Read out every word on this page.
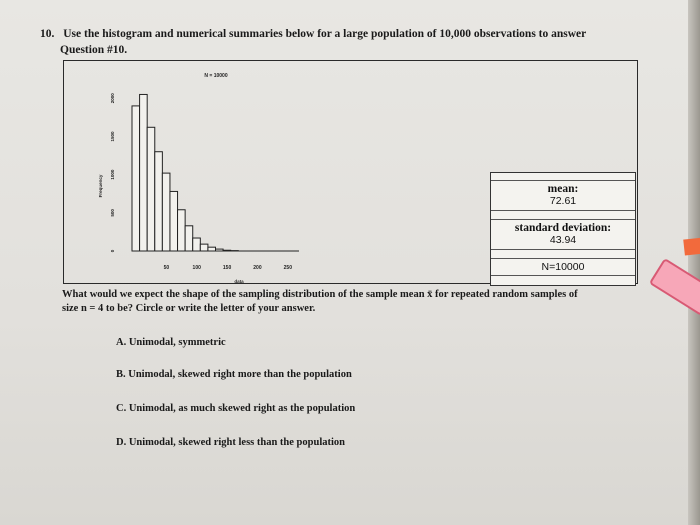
10. Use the histogram and numerical summaries below for a large population of 10,000 observations to answer
Question #10.
N = 10000
50	100	150	200	250
data
0
500
1000
1500
2000
Frequency	mean:
72.61
standard deviation:
43.94
N=10000
What would we expect the shape of the sampling distribution of the sample mean x̄ for repeated random samples of
size n = 4 to be? Circle or write the letter of your answer.
A. Unimodal, symmetric
B. Unimodal, skewed right more than the population
C. Unimodal, as much skewed right as the population
D. Unimodal, skewed right less than the population
